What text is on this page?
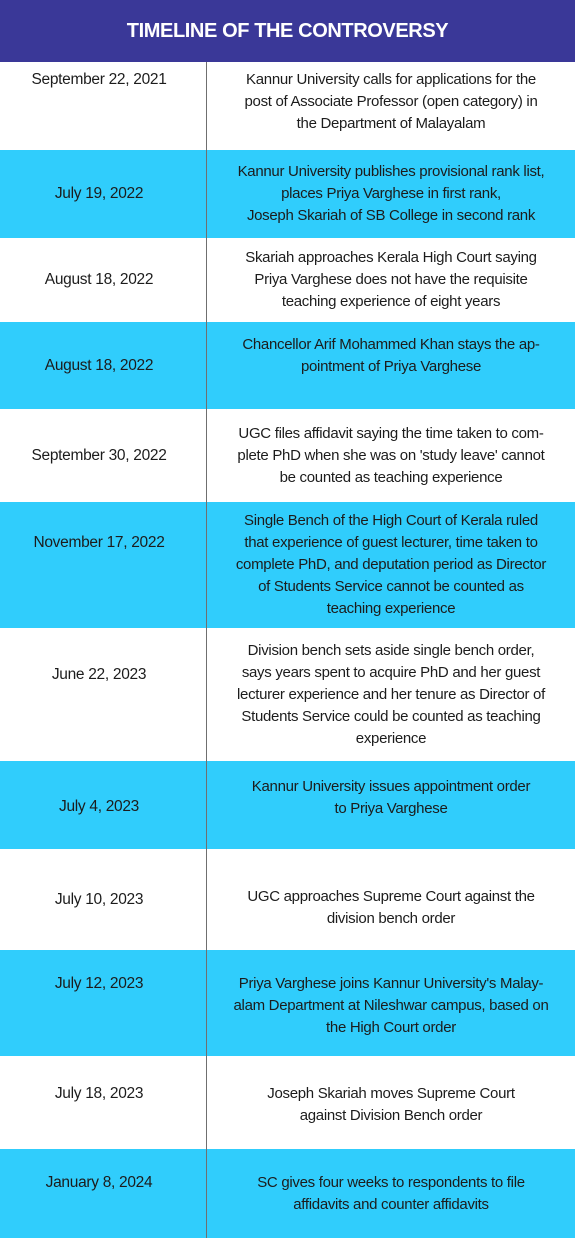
TIMELINE OF THE CONTROVERSY
September 22, 2021	Kannur University calls for applications for the
post of Associate Professor (open category) in
the Department of Malayalam
July 19, 2022
Kannur University publishes provisional rank list,
places Priya Varghese in first rank,
Joseph Skariah of SB College in second rank
August 18, 2022
Skariah approaches Kerala High Court saying
Priya Varghese does not have the requisite
teaching experience of eight years
August 18, 2022
Chancellor Arif Mohammed Khan stays the ap-
pointment of Priya Varghese
September 30, 2022
UGC files affidavit saying the time taken to com-
plete PhD when she was on 'study leave' cannot
be counted as teaching experience
November 17, 2022
Single Bench of the High Court of Kerala ruled
that experience of guest lecturer, time taken to
complete PhD, and deputation period as Director
of Students Service cannot be counted as
teaching experience
June 22, 2023
Division bench sets aside single bench order,
says years spent to acquire PhD and her guest
lecturer experience and her tenure as Director of
Students Service could be counted as teaching
experience
July 4, 2023
Kannur University issues appointment order
to Priya Varghese
July 10, 2023	UGC approaches Supreme Court against the
division bench order
July 12, 2023	Priya Varghese joins Kannur University's Malay-
alam Department at Nileshwar campus, based on
the High Court order
July 18, 2023	Joseph Skariah moves Supreme Court
against Division Bench order
January 8, 2024	SC gives four weeks to respondents to file
affidavits and counter affidavits
